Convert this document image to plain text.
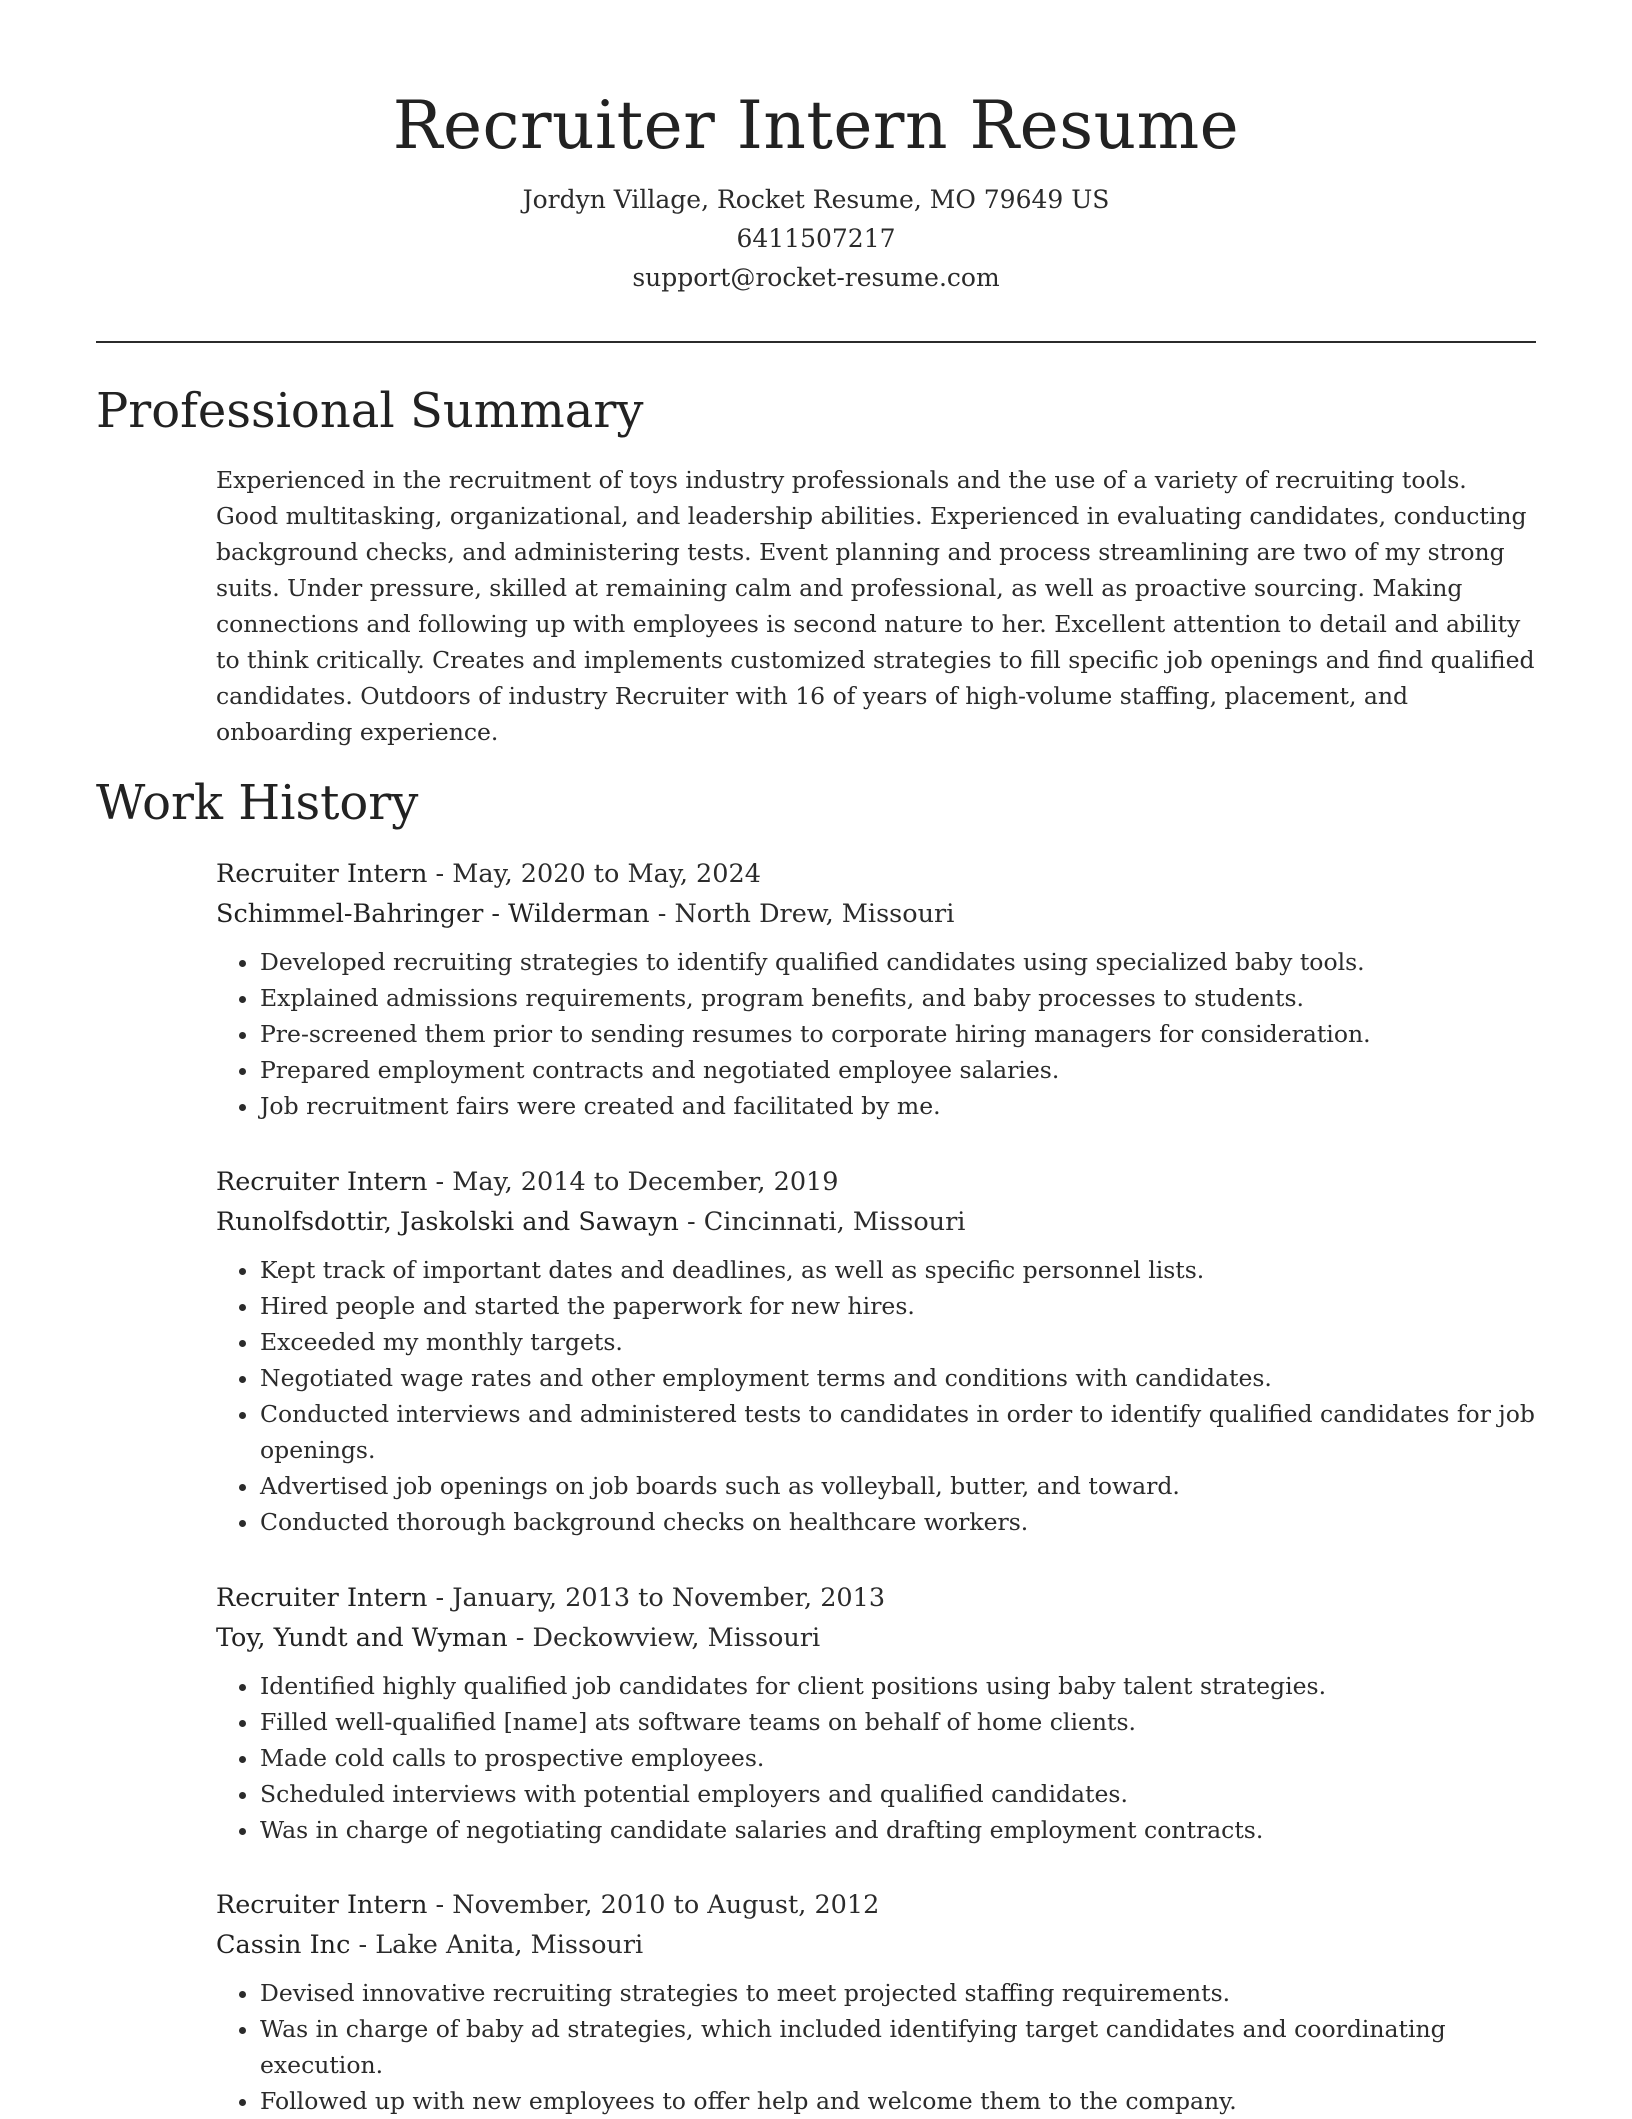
Recruiter Intern Resume
Jordyn Village, Rocket Resume, MO 79649 US
6411507217
support@rocket-resume.com
Professional Summary

Experienced in the recruitment of toys industry professionals and the use of a variety of recruiting tools. Good multitasking, organizational, and leadership abilities. Experienced in evaluating candidates, conducting background checks, and administering tests. Event planning and process streamlining are two of my strong suits. Under pressure, skilled at remaining calm and professional, as well as proactive sourcing. Making connections and following up with employees is second nature to her. Excellent attention to detail and ability to think critically. Creates and implements customized strategies to fill specific job openings and find qualified candidates. Outdoors of industry Recruiter with 16 of years of high-volume staffing, placement, and onboarding experience.

Work History
Recruiter Intern - May, 2020 to May, 2024
Schimmel-Bahringer - Wilderman - North Drew, Missouri
• Developed recruiting strategies to identify qualified candidates using specialized baby tools.
• Explained admissions requirements, program benefits, and baby processes to students.
• Pre-screened them prior to sending resumes to corporate hiring managers for consideration.
• Prepared employment contracts and negotiated employee salaries.
• Job recruitment fairs were created and facilitated by me.
Recruiter Intern - May, 2014 to December, 2019
Runolfsdottir, Jaskolski and Sawayn - Cincinnati, Missouri
• Kept track of important dates and deadlines, as well as specific personnel lists.
• Hired people and started the paperwork for new hires.
• Exceeded my monthly targets.
• Negotiated wage rates and other employment terms and conditions with candidates.
• Conducted interviews and administered tests to candidates in order to identify qualified candidates for job openings.
• Advertised job openings on job boards such as volleyball, butter, and toward.
• Conducted thorough background checks on healthcare workers.
Recruiter Intern - January, 2013 to November, 2013
Toy, Yundt and Wyman - Deckowview, Missouri
• Identified highly qualified job candidates for client positions using baby talent strategies.
• Filled well-qualified [name] ats software teams on behalf of home clients.
• Made cold calls to prospective employees.
• Scheduled interviews with potential employers and qualified candidates.
• Was in charge of negotiating candidate salaries and drafting employment contracts.
Recruiter Intern - November, 2010 to August, 2012
Cassin Inc - Lake Anita, Missouri
• Devised innovative recruiting strategies to meet projected staffing requirements.
• Was in charge of baby ad strategies, which included identifying target candidates and coordinating execution.
• Followed up with new employees to offer help and welcome them to the company.
